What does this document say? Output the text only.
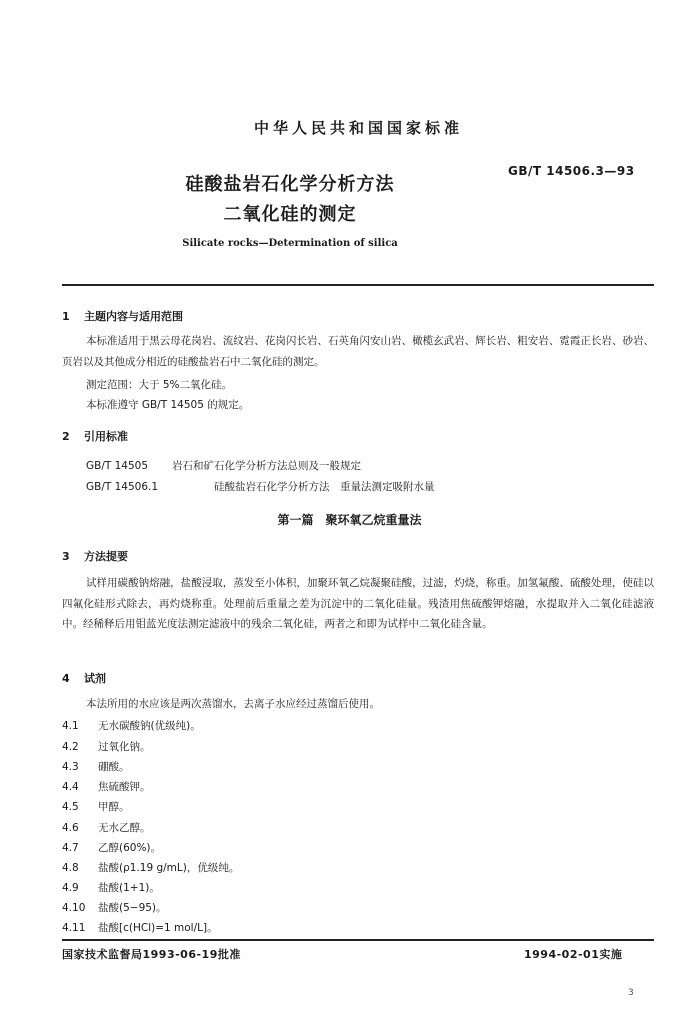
中华人民共和国国家标准
GB/T 14506.3—93
硅酸盐岩石化学分析方法
二氧化硅的测定
Silicate rocks—Determination of silica
1 主题内容与适用范围
本标准适用于黑云母花岗岩、流纹岩、花岗闪长岩、石英角闪安山岩、橄榄玄武岩、辉长岩、粗安岩、霓霞正长岩、砂岩、页岩以及其他成分相近的硅酸盐岩石中二氧化硅的测定。
测定范围：大于 5%二氧化硅。
本标准遵守 GB/T 14505 的规定。
2 引用标准
GB/T 14505 岩石和矿石化学分析方法总则及一般规定
GB/T 14506.1	硅酸盐岩石化学分析方法　重量法测定吸附水量
第一篇　聚环氧乙烷重量法
3 方法提要
试样用碳酸钠熔融，盐酸浸取，蒸发至小体积，加聚环氧乙烷凝聚硅酸，过滤，灼烧，称重。加氢氟酸、硫酸处理，使硅以四氟化硅形式除去，再灼烧称重。处理前后重量之差为沉淀中的二氧化硅量。残渣用焦硫酸钾熔融，水提取并入二氧化硅滤液中。经稀释后用钼蓝光度法测定滤液中的残余二氧化硅，两者之和即为试样中二氧化硅含量。
4 试剂
本法所用的水应该是两次蒸馏水，去离子水应经过蒸馏后使用。
4.1 无水碳酸钠(优级纯)。
4.2 过氧化钠。
4.3 硼酸。
4.4 焦硫酸钾。
4.5 甲醇。
4.6 无水乙醇。
4.7 乙醇(60%)。
4.8 盐酸(ρ1.19 g/mL)，优级纯。
4.9 盐酸(1+1)。
4.10 盐酸(5−95)。
4.11 盐酸[c(HCl)=1 mol/L]。
国家技术监督局1993-06-19批准	1994-02-01实施
3
